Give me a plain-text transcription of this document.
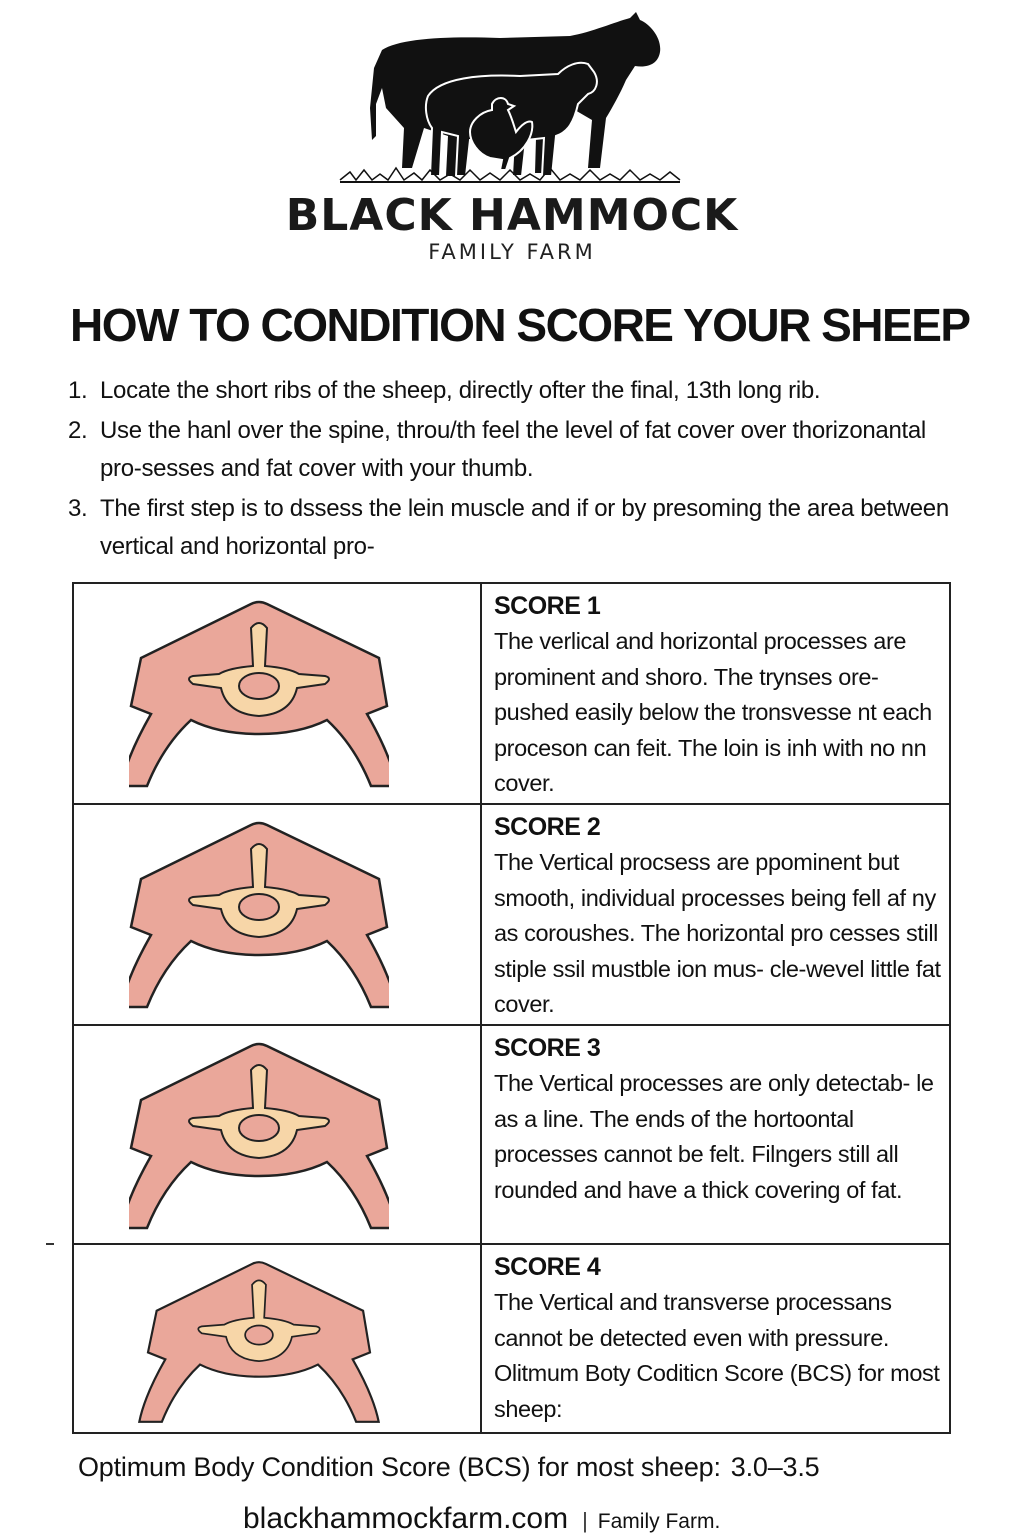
BLACK HAMMOCK
FAMILY FARM
HOW TO CONDITION SCORE YOUR SHEEP
1. Locate the short ribs of the sheep, directly ofter the final, 13th long rib.
2. Use the hanl over the spine, throu/th feel the level of fat cover over thorizonantal pro-sesses and fat cover with your thumb.
3. The first step is to dssess the lein muscle and if or by presoming the area between vertical and horizontal pro-
SCORE 1
The verlical and horizontal processes are prominent and shoro. The trynses ore- pushed easily below the tronsvesse nt each proceson can feit. The loin is inh with no nn cover.
SCORE 2
The Vertical procsess are ppominent but smooth, individual processes being fell af ny as coroushes. The horizontal pro cesses still stiple ssil mustble ion mus- cle-wevel little fat cover.
SCORE 3
The Vertical processes are only detectab- le as a line. The ends of the hortoontal processes cannot be felt. Filngers still all rounded and have a thick covering of fat.
SCORE 4
The Vertical and transverse processans cannot be detected even with pressure. Olitmum Boty Coditicn Score (BCS) for most sheep:
Optimum Body Condition Score (BCS) for most sheep: 3.0–3.5
blackhammockfarm.com | Family Farm.
